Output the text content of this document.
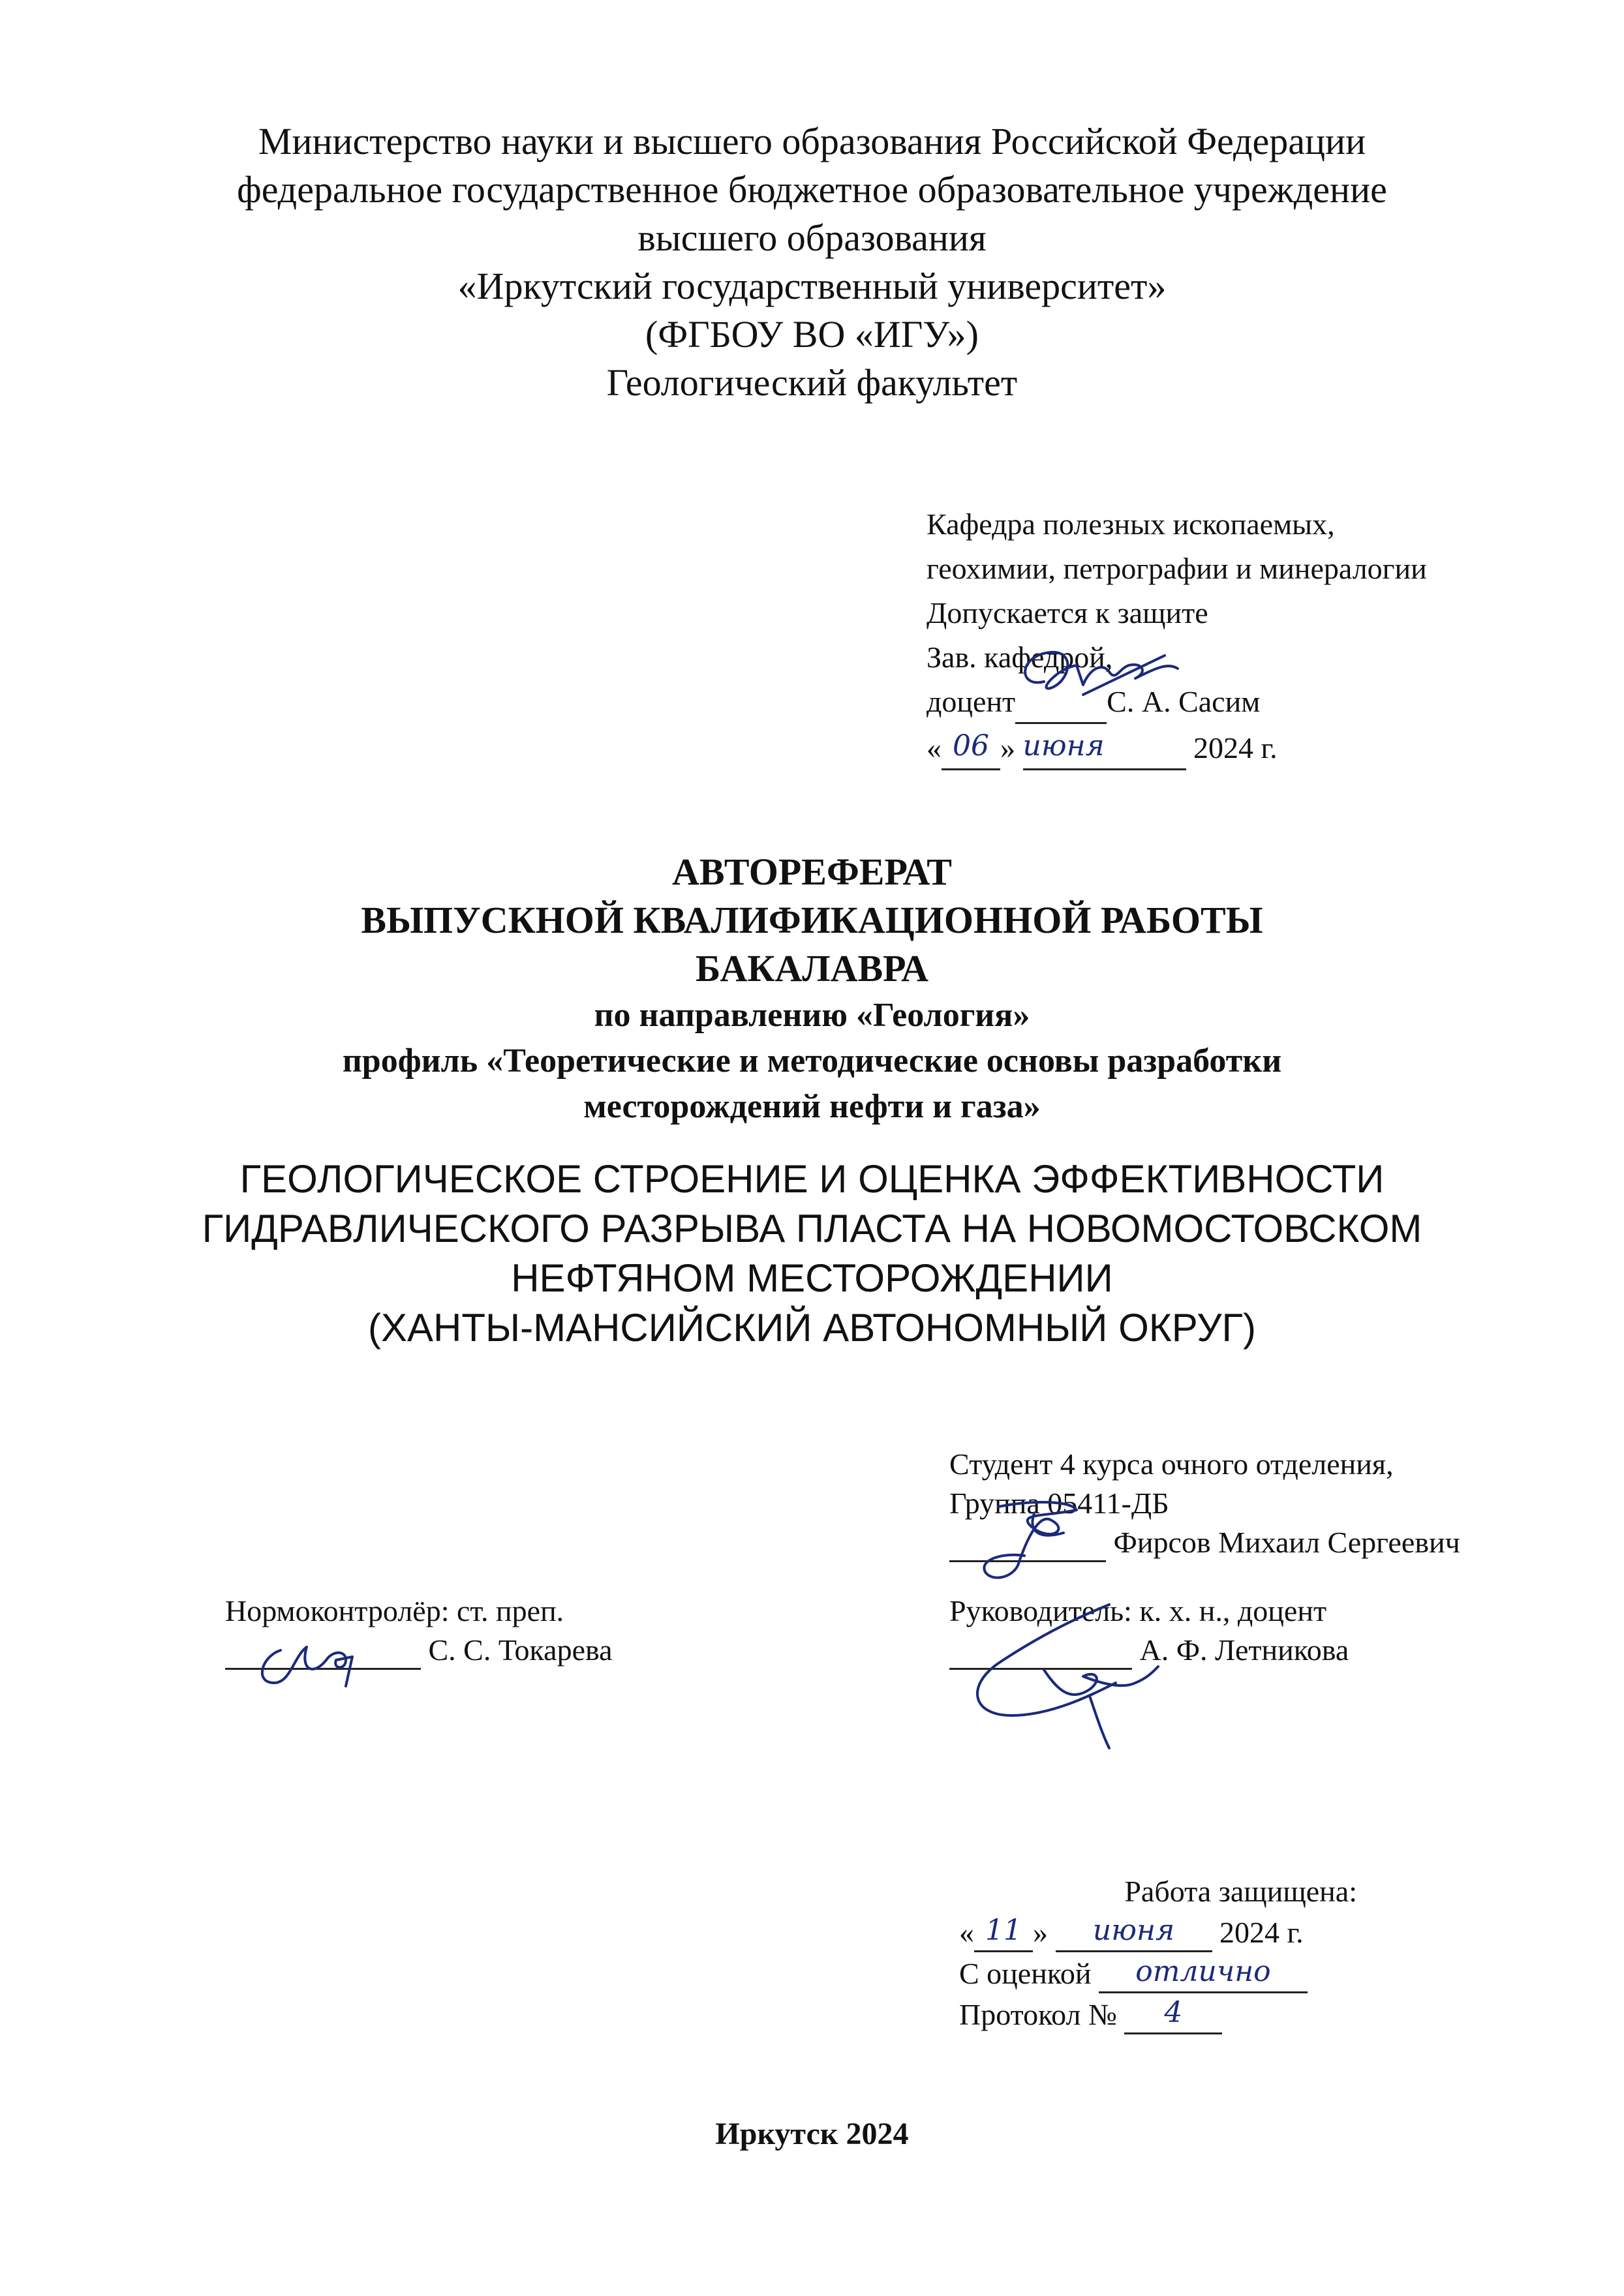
Министерство науки и высшего образования Российской Федерации
федеральное государственное бюджетное образовательное учреждение
высшего образования
«Иркутский государственный университет»
(ФГБОУ ВО «ИГУ»)
Геологический факультет
Кафедра полезных ископаемых,
геохимии, петрографии и минералогии
Допускается к защите
Зав. кафедрой,
доцент	С. А. Сасим
« 06 » июня	2024 г.
АВТОРЕФЕРАТ
ВЫПУСКНОЙ КВАЛИФИКАЦИОННОЙ РАБОТЫ
БАКАЛАВРА
по направлению «Геология»
профиль «Теоретические и методические основы разработки
месторождений нефти и газа»
ГЕОЛОГИЧЕСКОЕ СТРОЕНИЕ И ОЦЕНКА ЭФФЕКТИВНОСТИ
ГИДРАВЛИЧЕСКОГО РАЗРЫВА ПЛАСТА НА НОВОМОСТОВСКОМ
НЕФТЯНОМ МЕСТОРОЖДЕНИИ
(ХАНТЫ-МАНСИЙСКИЙ АВТОНОМНЫЙ ОКРУГ)
Студент 4 курса очного отделения,
Группа 05411-ДБ
Фирсов Михаил Сергеевич
Нормоконтролёр: ст. преп.
С. С. Токарева
Руководитель: к. х. н., доцент
А. Ф. Летникова
Работа защищена:
« 11 » июня 2024 г.
С оценкой отлично
Протокол № 4
Иркутск 2024
